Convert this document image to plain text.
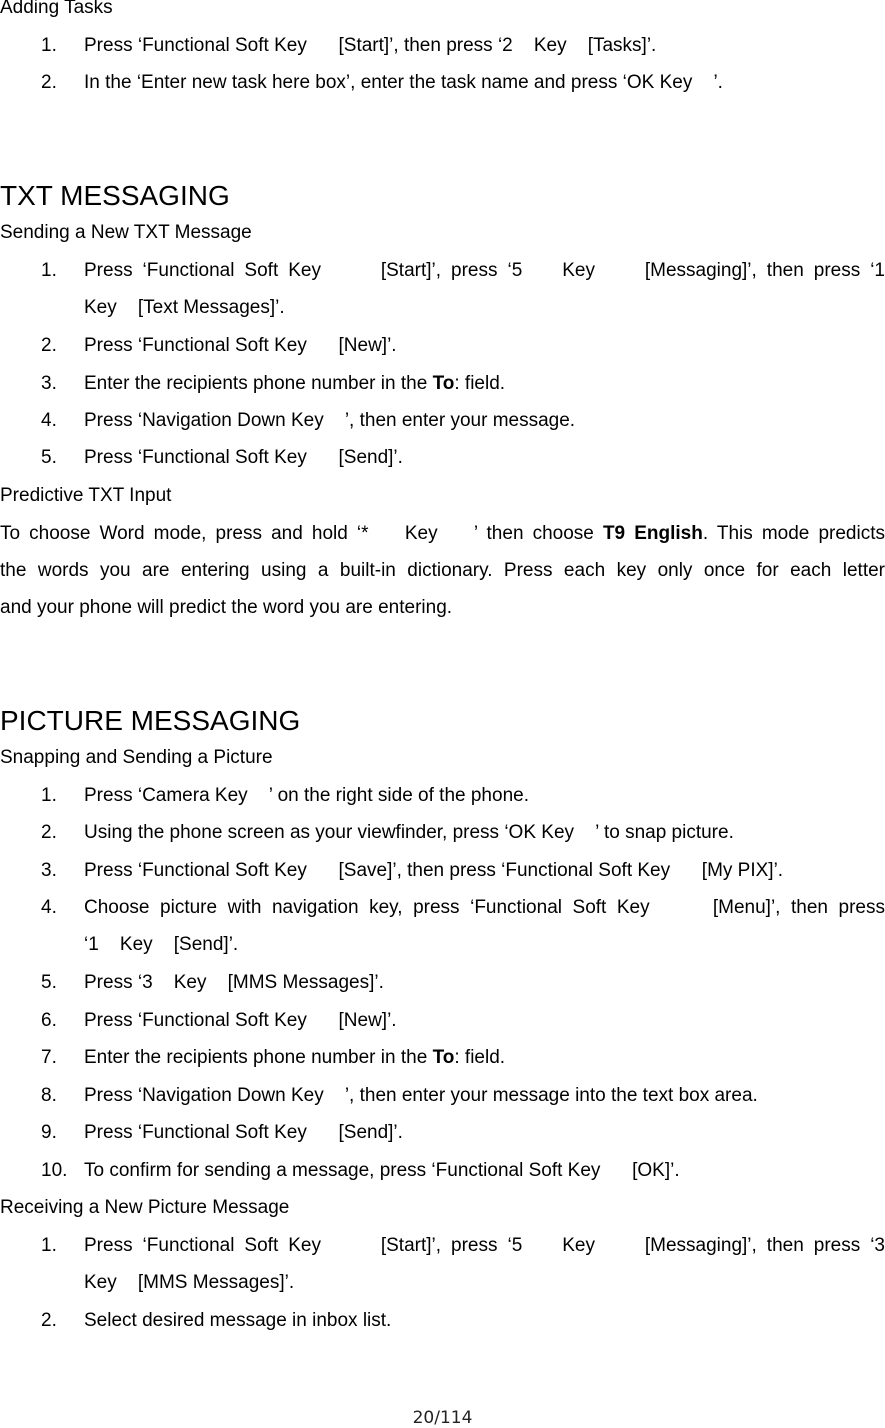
Adding Tasks
1. Press ‘Functional Soft Key      [Start]’, then press ‘2    Key    [Tasks]’.
2. In the ‘Enter new task here box’, enter the task name and press ‘OK Key    ’.
TXT MESSAGING
Sending a New TXT Message
1. Press ‘Functional Soft Key      [Start]’, press ‘5    Key     [Messaging]’, then press ‘1
Key    [Text Messages]’.
2. Press ‘Functional Soft Key      [New]’.
3. Enter the recipients phone number in the To: field.
4. Press ‘Navigation Down Key    ’, then enter your message.
5. Press ‘Functional Soft Key      [Send]’.
Predictive TXT Input
To choose Word mode, press and hold ‘*    Key    ’ then choose T9 English. This mode predicts
the words you are entering using a built-in dictionary. Press each key only once for each letter
and your phone will predict the word you are entering.
PICTURE MESSAGING
Snapping and Sending a Picture
1. Press ‘Camera Key    ’ on the right side of the phone.
2. Using the phone screen as your viewfinder, press ‘OK Key    ’ to snap picture.
3. Press ‘Functional Soft Key      [Save]’, then press ‘Functional Soft Key      [My PIX]’.
4. Choose picture with navigation key, press ‘Functional Soft Key      [Menu]’, then press
‘1    Key    [Send]’.
5. Press ‘3    Key    [MMS Messages]’.
6. Press ‘Functional Soft Key      [New]’.
7. Enter the recipients phone number in the To: field.
8. Press ‘Navigation Down Key    ’, then enter your message into the text box area.
9. Press ‘Functional Soft Key      [Send]’.
10. To confirm for sending a message, press ‘Functional Soft Key      [OK]’.
Receiving a New Picture Message
1. Press ‘Functional Soft Key      [Start]’, press ‘5    Key     [Messaging]’, then press ‘3
Key    [MMS Messages]’.
2. Select desired message in inbox list.
20/114
